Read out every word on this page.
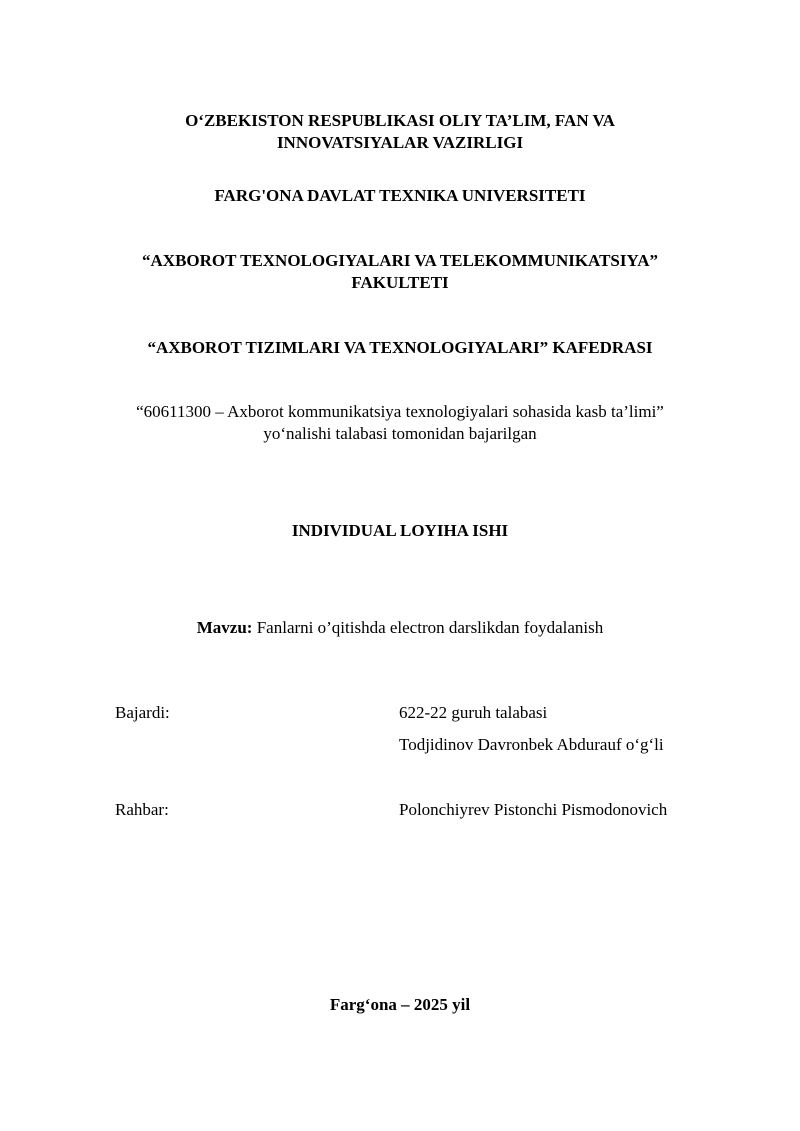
O‘ZBEKISTON RESPUBLIKASI OLIY TA’LIM, FAN VA
INNOVATSIYALAR VAZIRLIGI
FARG'ONA DAVLAT TEXNIKA UNIVERSITETI
“AXBOROT TEXNOLOGIYALARI VA TELEKOMMUNIKATSIYA”
FAKULTETI
“AXBOROT TIZIMLARI VA TEXNOLOGIYALARI” KAFEDRASI
“60611300 – Axborot kommunikatsiya texnologiyalari sohasida kasb ta’limi”
yo‘nalishi talabasi tomonidan bajarilgan
INDIVIDUAL LOYIHA ISHI
Mavzu: Fanlarni o’qitishda electron darslikdan foydalanish
Bajardi:	622-22 guruh talabasi
Todjidinov Davronbek Abdurauf o‘g‘li
Rahbar:	Polonchiyrev Pistonchi Pismodonovich
Farg‘ona – 2025 yil
